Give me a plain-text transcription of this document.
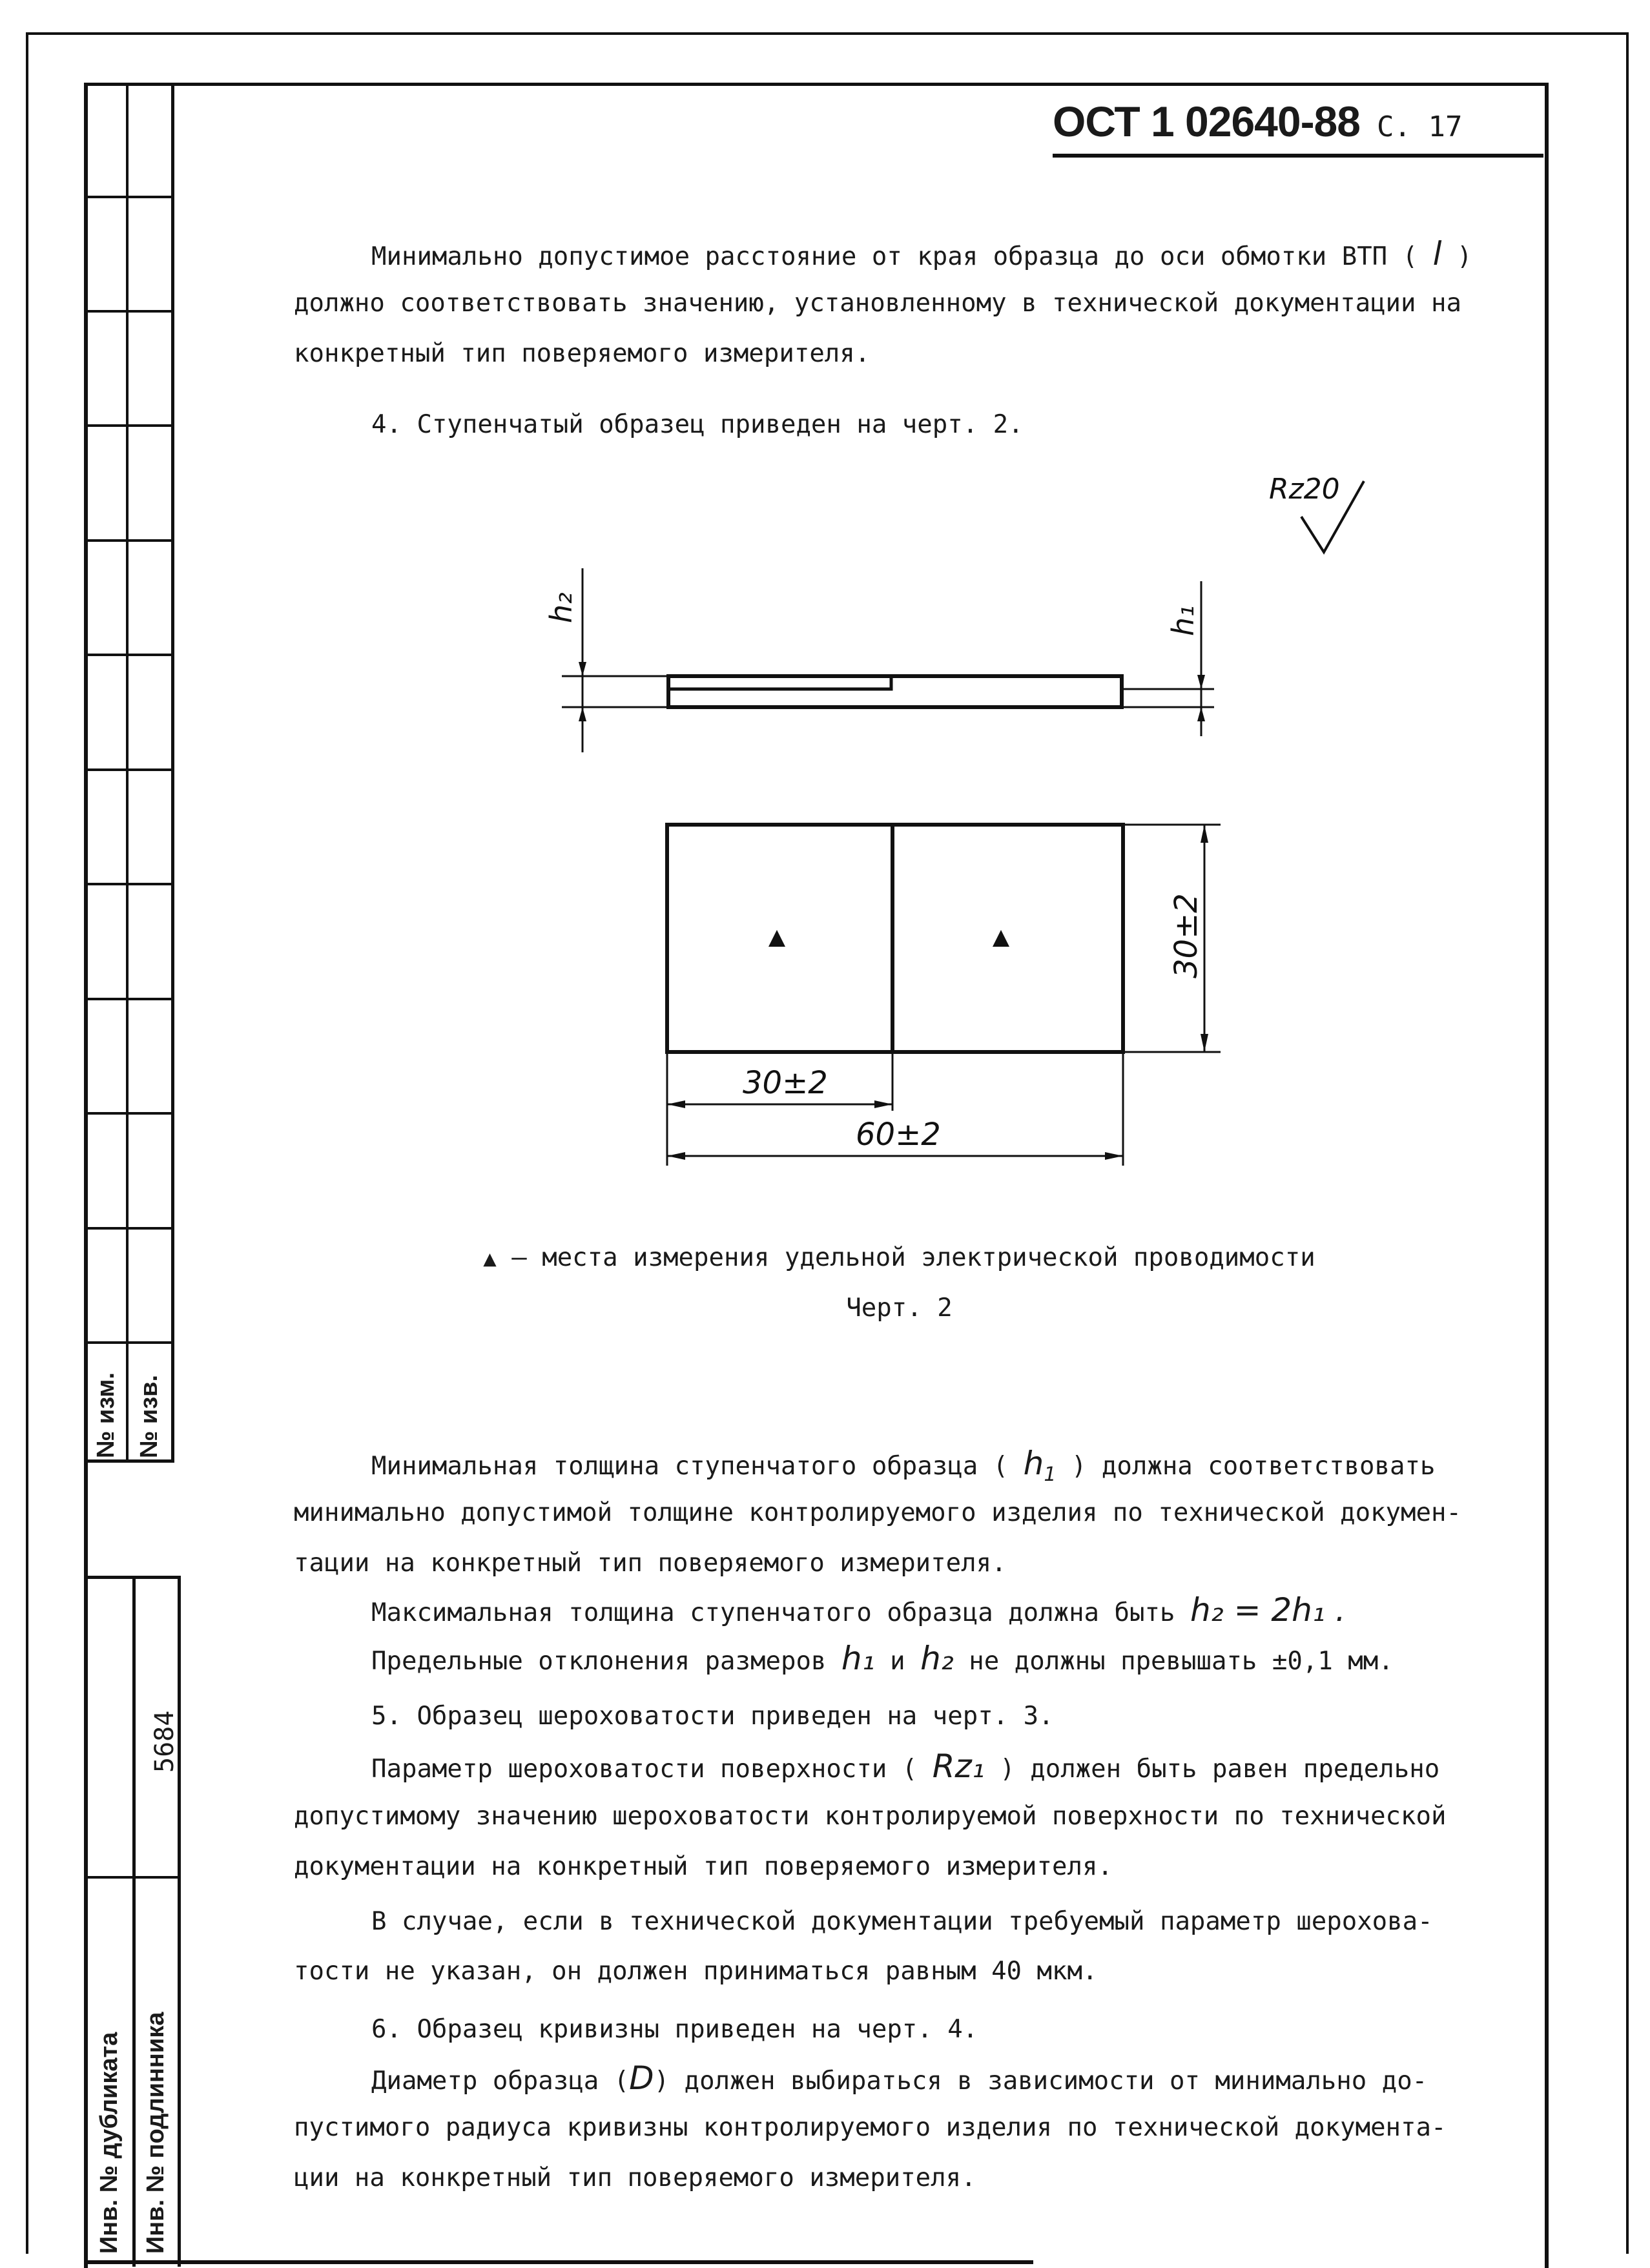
№ изм. № изв.
Инв. № дубликата Инв. № подлинника
5684
ОСТ 1 02640-88 С. 17
Минимально допустимое расстояние от края образца до оси обмотки ВТП ( l )
должно соответствовать значению, установленному в технической документации на
конкретный тип поверяемого измерителя.
4. Ступенчатый образец приведен на черт. 2.
Rz20
h₂	h₁
30±2
30±2
60±2
▲ – места измерения удельной электрической проводимости
Черт. 2
Минимальная толщина ступенчатого образца ( $h_1$ ) должна соответствовать
минимально допустимой толщине контролируемого изделия по технической докумен-
тации на конкретный тип поверяемого измерителя.
Максимальная толщина ступенчатого образца должна быть h₂ = 2h₁ .
Предельные отклонения размеров h₁ и h₂ не должны превышать ±0,1 мм.
5. Образец шероховатости приведен на черт. 3.
Параметр шероховатости поверхности ( Rz₁ ) должен быть равен предельно
допустимому значению шероховатости контролируемой поверхности по технической
документации на конкретный тип поверяемого измерителя.
В случае, если в технической документации требуемый параметр шерохова-
тости не указан, он должен приниматься равным 40 мкм.
6. Образец кривизны приведен на черт. 4.
Диаметр образца (D) должен выбираться в зависимости от минимально до-
пустимого радиуса кривизны контролируемого изделия по технической документа-
ции на конкретный тип поверяемого измерителя.
